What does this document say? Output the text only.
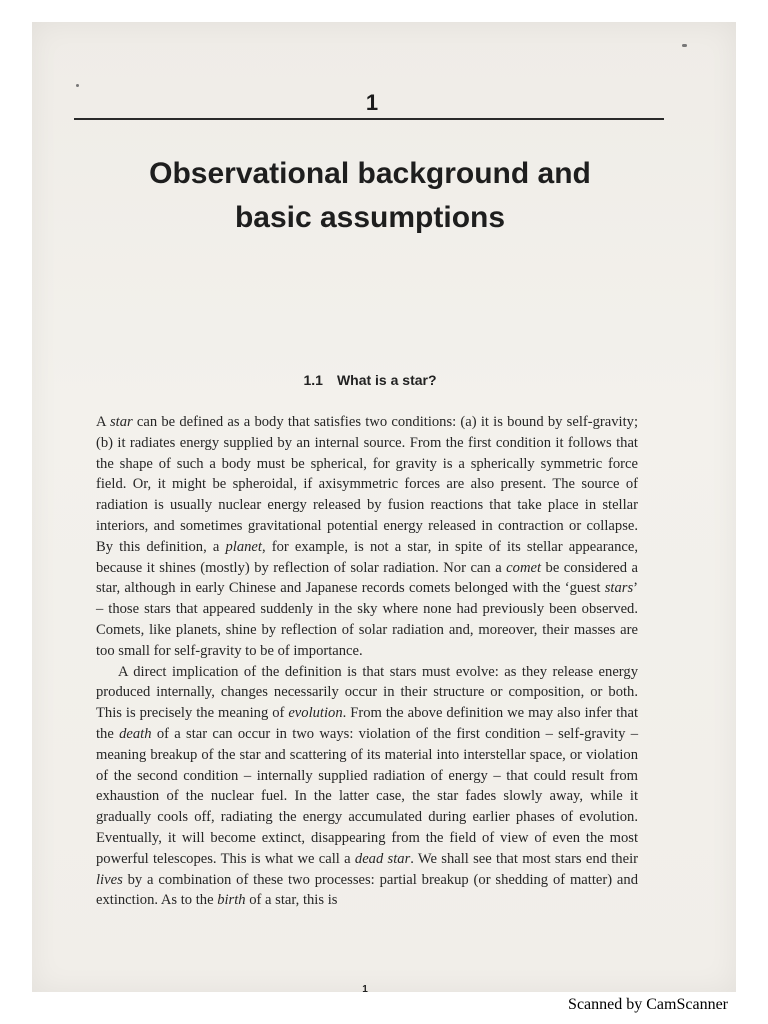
1
Observational background and
basic assumptions
1.1 What is a star?

A star can be defined as a body that satisfies two conditions: (a) it is bound by self-gravity; (b) it radiates energy supplied by an internal source. From the first condition it follows that the shape of such a body must be spherical, for gravity is a spherically symmetric force field. Or, it might be spheroidal, if axisymmetric forces are also present. The source of radiation is usually nuclear energy released by fusion reactions that take place in stellar interiors, and sometimes gravitational potential energy released in contraction or collapse. By this definition, a planet, for example, is not a star, in spite of its stellar appearance, because it shines (mostly) by reflection of solar radiation. Nor can a comet be considered a star, although in early Chinese and Japanese records comets belonged with the ‘guest stars’ – those stars that appeared suddenly in the sky where none had previously been observed. Comets, like planets, shine by reflection of solar radiation and, moreover, their masses are too small for self-gravity to be of importance.

A direct implication of the definition is that stars must evolve: as they release energy produced internally, changes necessarily occur in their structure or composition, or both. This is precisely the meaning of evolution. From the above definition we may also infer that the death of a star can occur in two ways: violation of the first condition – self-gravity – meaning breakup of the star and scattering of its material into interstellar space, or violation of the second condition – internally supplied radiation of energy – that could result from exhaustion of the nuclear fuel. In the latter case, the star fades slowly away, while it gradually cools off, radiating the energy accumulated during earlier phases of evolution. Eventually, it will become extinct, disappearing from the field of view of even the most powerful telescopes. This is what we call a dead star. We shall see that most stars end their lives by a combination of these two processes: partial breakup (or shedding of matter) and extinction. As to the birth of a star, this is

1
Scanned by CamScanner
